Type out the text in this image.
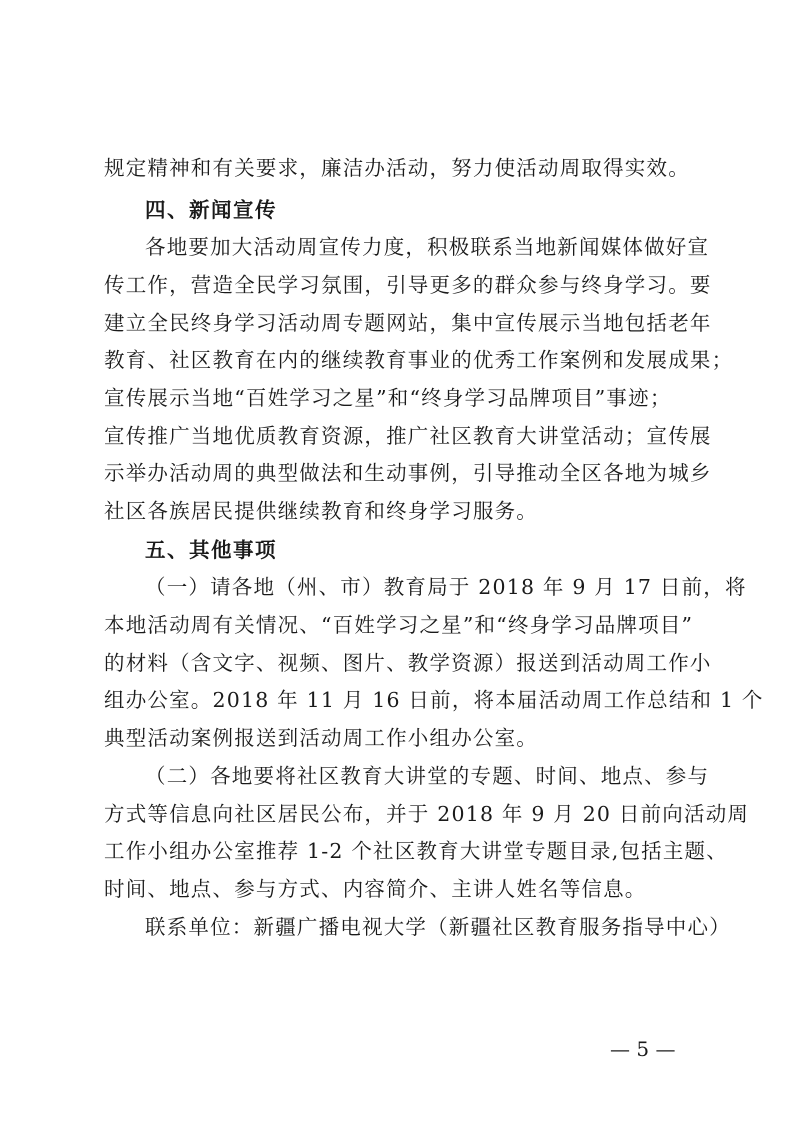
规定精神和有关要求，廉洁办活动，努力使活动周取得实效。
四、新闻宣传
各地要加大活动周宣传力度，积极联系当地新闻媒体做好宣
传工作，营造全民学习氛围，引导更多的群众参与终身学习。要
建立全民终身学习活动周专题网站，集中宣传展示当地包括老年
教育、社区教育在内的继续教育事业的优秀工作案例和发展成果；
宣传展示当地“百姓学习之星”和“终身学习品牌项目”事迹；
宣传推广当地优质教育资源，推广社区教育大讲堂活动；宣传展
示举办活动周的典型做法和生动事例，引导推动全区各地为城乡
社区各族居民提供继续教育和终身学习服务。
五、其他事项
（一）请各地（州、市）教育局于 2018 年 9 月 17 日前，将
本地活动周有关情况、“百姓学习之星”和“终身学习品牌项目”
的材料（含文字、视频、图片、教学资源）报送到活动周工作小
组办公室。2018 年 11 月 16 日前，将本届活动周工作总结和 1 个
典型活动案例报送到活动周工作小组办公室。
（二）各地要将社区教育大讲堂的专题、时间、地点、参与
方式等信息向社区居民公布，并于 2018 年 9 月 20 日前向活动周
工作小组办公室推荐 1-2 个社区教育大讲堂专题目录,包括主题、
时间、地点、参与方式、内容简介、主讲人姓名等信息。
联系单位：新疆广播电视大学（新疆社区教育服务指导中心）
— 5 —
